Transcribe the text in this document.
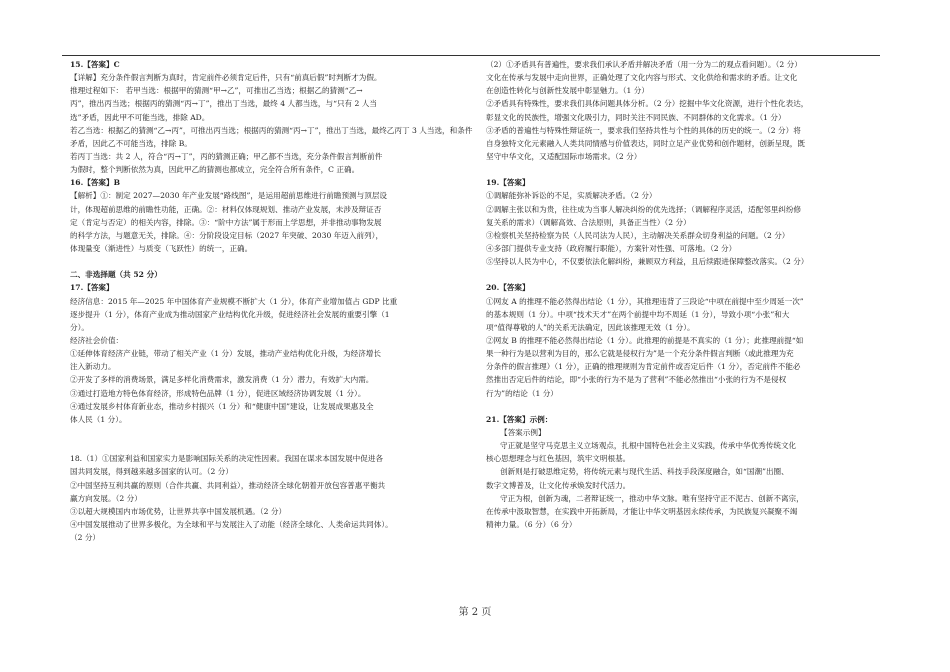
15.【答案】C
【详解】充分条件假言判断为真时，肯定前件必须肯定后件，只有“前真后假”时判断才为假。
推理过程如下： 若甲当选：根据甲的猜测“甲→乙”，可推出乙当选；根据乙的猜测“乙→
丙”，推出丙当选；根据丙的猜测“丙→丁”，推出丁当选，最终 4 人都当选，与“只有 2 人当
选”矛盾，因此甲不可能当选，排除 AD。
若乙当选：根据乙的猜测“乙→丙”，可推出丙当选；根据丙的猜测“丙→丁”，推出丁当选，最终乙丙丁 3 人当选，和条件
矛盾，因此乙不可能当选，排除 B。
若丙丁当选：共 2 人，符合“丙→丁”，丙的猜测正确；甲乙都不当选，充分条件假言判断前件
为假时，整个判断依然为真，因此甲乙的猜测也都成立，完全符合所有条件，C 正确。
16.【答案】B
【解析】①：制定 2027—2030 年产业发展“路线图”，是运用超前思维进行前瞻预测与顶层设
计，体现超前思维的前瞻性功能，正确。②：材料仅体现规划、推动产业发展，未涉及辩证否
定（肯定与否定）的相关内容，排除。③：“阶中方法”属于形而上学思想，并非推动事物发展
的科学方法，与题意无关，排除。④：分阶段设定目标（2027 年突破、2030 年迈入前列），
体现量变（渐进性）与质变（飞跃性）的统一，正确。
二、非选择题（共 52 分）
17.【答案】
经济信息：2015 年—2025 年中国体育产业规模不断扩大（1 分），体育产业增加值占 GDP 比重
逐步提升（1 分），体育产业成为推动国家产业结构优化升级，促进经济社会发展的重要引擎（1
分）。
经济社会价值：
①延伸体育经济产业链，带动了相关产业（1 分）发展，推动产业结构优化升级，为经济增长
注入新动力。
②开发了多样的消费场景，满足多样化消费需求，激发消费（1 分）潜力，有效扩大内需。
③通过打造地方特色体育经济，形成特色品牌（1 分），促进区域经济协调发展（1 分）。
④通过发展乡村体育新业态，推动乡村振兴（1 分）和“健康中国”建设，让发展成果惠及全
体人民（1 分）。
18.（1）①国家利益和国家实力是影响国际关系的决定性因素。我国在谋求本国发展中促进各
国共同发展，得到越来越多国家的认可。（2 分）
②中国坚持互利共赢的原则（合作共赢、共同利益），推动经济全球化朝着开放包容普惠平衡共
赢方向发展。（2 分）
③以超大规模国内市场优势，让世界共享中国发展机遇。（2 分）
④中国发展推动了世界多极化，为全球和平与发展注入了动能（经济全球化、人类命运共同体）。
（2 分）
（2）①矛盾具有普遍性，要求我们承认矛盾并解决矛盾（用一分为二的观点看问题）。（2 分）
文化在传承与发展中走向世界，正确处理了文化内容与形式、文化供给和需求的矛盾。让文化
在创造性转化与创新性发展中彰显魅力。（1 分）
②矛盾具有特殊性，要求我们具体问题具体分析。（2 分）挖掘中华文化资源，进行个性化表达，
彰显文化的民族性，增强文化吸引力，同时关注不同民族、不同群体的文化需求。（1 分）
③矛盾的普遍性与特殊性辩证统一，要求我们坚持共性与个性的具体的历史的统一。（2 分）将
自身独特文化元素融入人类共同情感与价值表达，同时立足产业优势和创作题材，创新呈现，既
坚守中华文化，又适配国际市场需求。（2 分）
19.【答案】
①调解能弥补诉讼的不足，实质解决矛盾。（2 分）
②调解主张以和为贵，往往成为当事人解决纠纷的优先选择；（调解程序灵活，适配邻里纠纷修
复关系的需求）（调解高效、合法原则，具备正当性）（2 分）
③检察机关坚持检察为民（人民司法为人民），主动解决关系群众切身利益的问题。（2 分）
④多部门提供专业支持（政府履行职能），方案针对性强、可落地。（2 分）
⑤坚持以人民为中心，不仅要依法化解纠纷，兼顾双方利益，且后续跟进保障整改落实。（2 分）
20.【答案】
①网友 A 的推理不能必然得出结论（1 分），其推理违背了三段论“中项在前提中至少周延一次”
的基本规则（1 分）。中项“技术天才”在两个前提中均不周延（1 分），导致小项“小张”和大
项“值得尊敬的人”的关系无法确定，因此该推理无效（1 分）。
②网友 B 的推理不能必然得出结论（1 分）。此推理的前提是不真实的（1 分）；此推理前提“如
果一种行为是以营利为目的，那么它就是侵权行为”是一个充分条件假言判断（或此推理为充
分条件的假言推理）（1 分），正确的推理规则为肯定前件或否定后件（1 分），否定前件不能必
然推出否定后件的结论，即“小张的行为不是为了营利”不能必然推出“小张的行为不是侵权
行为”的结论（1 分）
21.【答案】示例：
【答案示例】
守正就是坚守马克思主义立场观点，扎根中国特色社会主义实践，传承中华优秀传统文化
核心思想理念与红色基因，筑牢文明根基。
创新则是打破思维定势，将传统元素与现代生活、科技手段深度融合，如“国潮”出圈、
数字文博普及，让文化传承焕发时代活力。
守正为根，创新为魂，二者辩证统一，推动中华文脉。唯有坚持守正不泥古、创新不离宗，
在传承中汲取智慧，在实践中开拓新局，才能让中华文明基因永续传承，为民族复兴凝聚不竭
精神力量。（6 分）（6 分）
第 2 页
